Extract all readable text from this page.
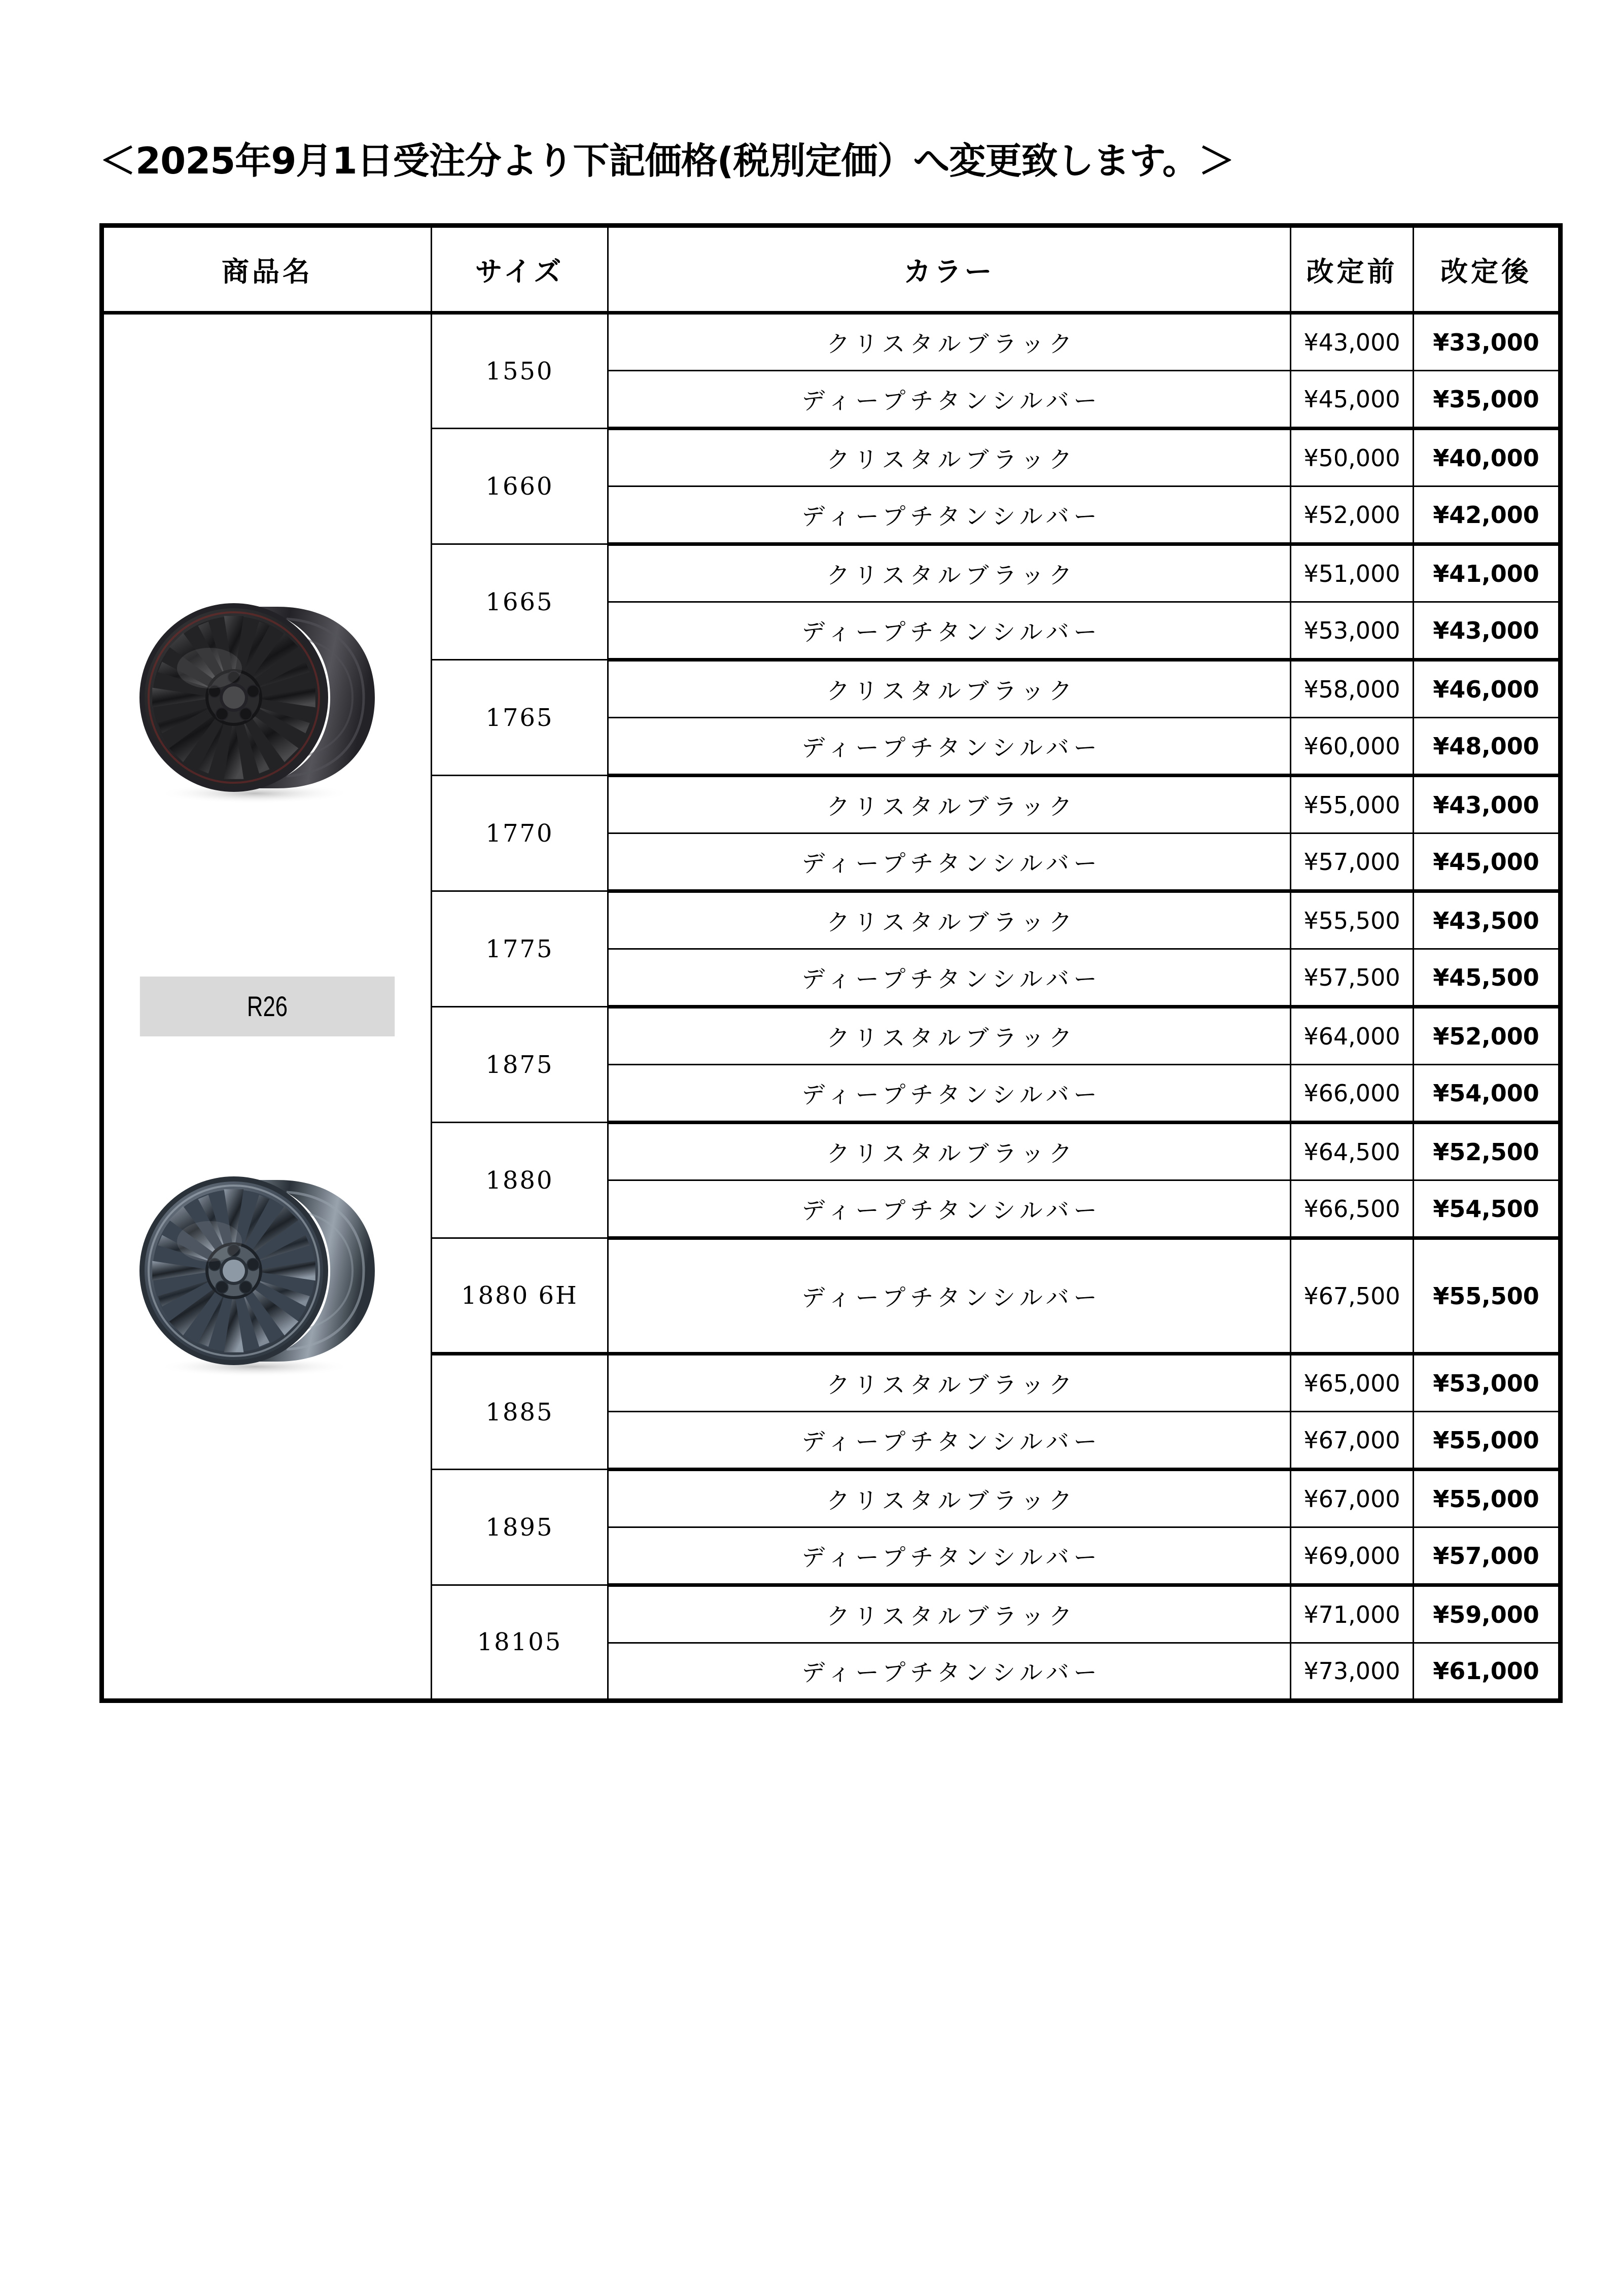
＜2025年9月1日受注分より下記価格(税別定価）へ変更致します。＞
商品名	サイズ	カラー	改定前	改定後

R26	1550	クリスタルブラック	¥43,000	¥33,000
		ディープチタンシルバー	¥45,000	¥35,000
	1660	クリスタルブラック	¥50,000	¥40,000
		ディープチタンシルバー	¥52,000	¥42,000
	1665	クリスタルブラック	¥51,000	¥41,000
		ディープチタンシルバー	¥53,000	¥43,000
	1765	クリスタルブラック	¥58,000	¥46,000
		ディープチタンシルバー	¥60,000	¥48,000
	1770	クリスタルブラック	¥55,000	¥43,000
		ディープチタンシルバー	¥57,000	¥45,000
	1775	クリスタルブラック	¥55,500	¥43,500
		ディープチタンシルバー	¥57,500	¥45,500
	1875	クリスタルブラック	¥64,000	¥52,000
		ディープチタンシルバー	¥66,000	¥54,000
	1880	クリスタルブラック	¥64,500	¥52,500
		ディープチタンシルバー	¥66,500	¥54,500
	1880 6H	ディープチタンシルバー	¥67,500	¥55,500
	1885	クリスタルブラック	¥65,000	¥53,000
		ディープチタンシルバー	¥67,000	¥55,000
	1895	クリスタルブラック	¥67,000	¥55,000
		ディープチタンシルバー	¥69,000	¥57,000
	18105	クリスタルブラック	¥71,000	¥59,000
		ディープチタンシルバー	¥73,000	¥61,000
